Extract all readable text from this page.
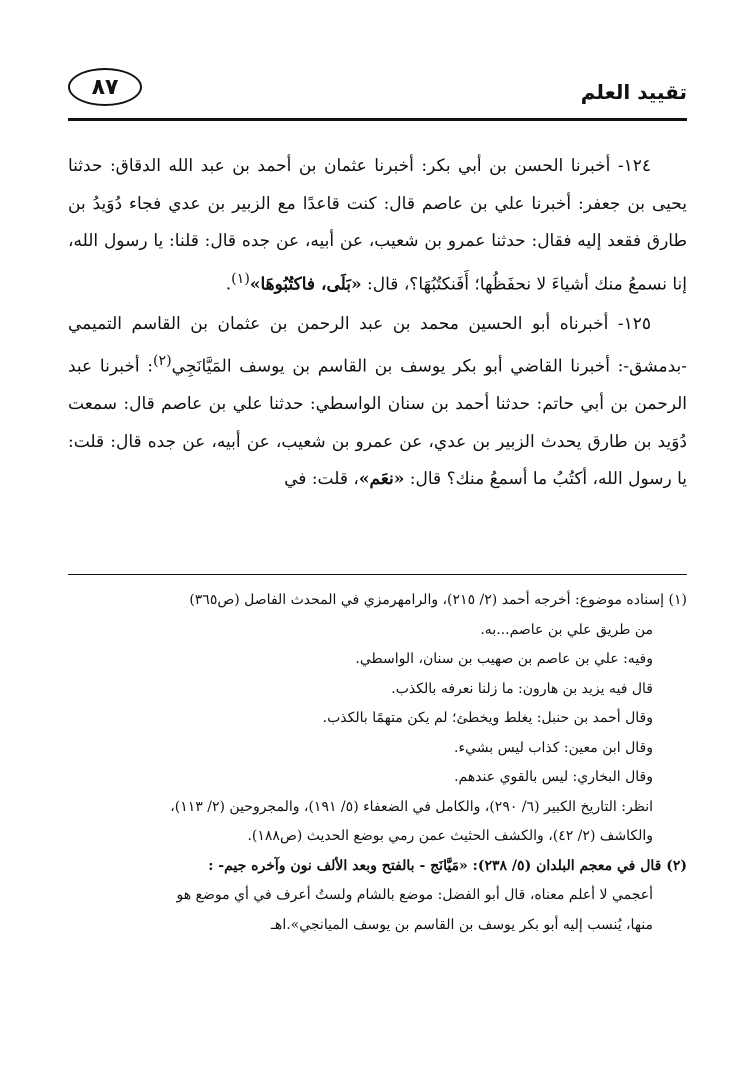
تقييد العلم
٨٧

١٢٤- أخبرنا الحسن بن أبي بكر: أخبرنا عثمان بن أحمد بن عبد الله الدقاق: حدثنا يحيى بن جعفر: أخبرنا علي بن عاصم قال: كنت قاعدًا مع الزبير بن عدي فجاء دُوَيدُ بن طارق فقعد إليه فقال: حدثنا عمرو بن شعيب، عن أبيه، عن جده قال: قلنا: يا رسول الله، إنا نسمعُ منك أشياءَ لا نحفَظُها؛ أَفَنكتُبُهَا؟، قال: «بَلَى، فاكتُبُوهَا»$^{(١)}$.

١٢٥- أخبرناه أبو الحسين محمد بن عبد الرحمن بن عثمان بن القاسم التميمي -بدمشق-: أخبرنا القاضي أبو بكر يوسف بن القاسم بن يوسف المَيَّانَجِي$^{(٢)}$: أخبرنا عبد الرحمن بن أبي حاتم: حدثنا أحمد بن سنان الواسطي: حدثنا علي بن عاصم قال: سمعت دُوَيد بن طارق يحدث الزبير بن عدي، عن عمرو بن شعيب، عن أبيه، عن جده قال: قلت: يا رسول الله، أكتُبُ ما أسمعُ منك؟ قال: «نعَم»، قلت: في

(١) إسناده موضوع: أخرجه أحمد (٢/ ٢١٥)، والرامهرمزي في المحدث الفاصل (ص٣٦٥)
من طريق علي بن عاصم...به.
وفيه: علي بن عاصم بن صهيب بن سنان، الواسطي.
قال فيه يزيد بن هارون: ما زلنا نعرفه بالكذب.
وقال أحمد بن حنبل: يغلط ويخطئ؛ لم يكن متهمًا بالكذب.
وقال ابن معين: كذاب ليس بشيء.
وقال البخاري: ليس بالقوي عندهم.
انظر: التاريخ الكبير (٦/ ٢٩٠)، والكامل في الضعفاء (٥/ ١٩١)، والمجروحين (٢/ ١١٣)،
والكاشف (٢/ ٤٢)، والكشف الحثيث عمن رمي بوضع الحديث (ص١٨٨).
(٢) قال في معجم البلدان (٥/ ٢٣٨): «مَيَّانَج - بالفتح وبعد الألف نون وآخره جيم- :
أعجمي لا أعلم معناه، قال أبو الفضل: موضع بالشام ولستُ أعرف في أي موضع هو
منها، يُنسب إليه أبو بكر يوسف بن القاسم بن يوسف الميانجي».اهـ
